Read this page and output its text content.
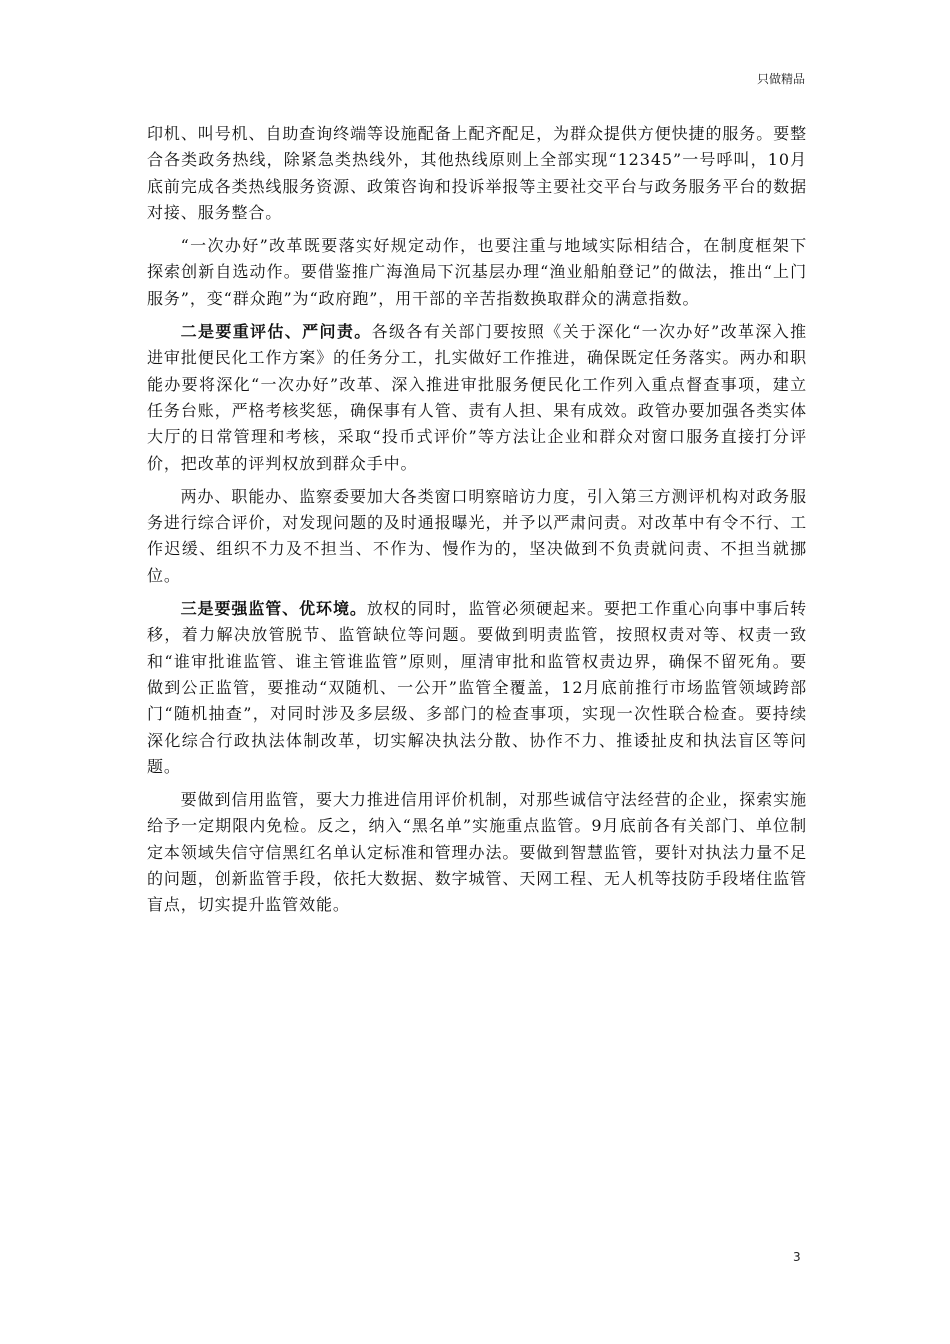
只做精品

印机、叫号机、自助查询终端等设施配备上配齐配足，为群众提供方便快捷的服务。要整合各类政务热线，除紧急类热线外，其他热线原则上全部实现“12345”一号呼叫，10月底前完成各类热线服务资源、政策咨询和投诉举报等主要社交平台与政务服务平台的数据对接、服务整合。

“一次办好”改革既要落实好规定动作，也要注重与地域实际相结合，在制度框架下探索创新自选动作。要借鉴推广海渔局下沉基层办理“渔业船舶登记”的做法，推出“上门服务”，变“群众跑”为“政府跑”，用干部的辛苦指数换取群众的满意指数。

二是要重评估、严问责。各级各有关部门要按照《关于深化“一次办好”改革深入推进审批便民化工作方案》的任务分工，扎实做好工作推进，确保既定任务落实。两办和职能办要将深化“一次办好”改革、深入推进审批服务便民化工作列入重点督查事项，建立任务台账，严格考核奖惩，确保事有人管、责有人担、果有成效。政管办要加强各类实体大厅的日常管理和考核，采取“投币式评价”等方法让企业和群众对窗口服务直接打分评价，把改革的评判权放到群众手中。

两办、职能办、监察委要加大各类窗口明察暗访力度，引入第三方测评机构对政务服务进行综合评价，对发现问题的及时通报曝光，并予以严肃问责。对改革中有令不行、工作迟缓、组织不力及不担当、不作为、慢作为的，坚决做到不负责就问责、不担当就挪位。

三是要强监管、优环境。放权的同时，监管必须硬起来。要把工作重心向事中事后转移，着力解决放管脱节、监管缺位等问题。要做到明责监管，按照权责对等、权责一致和“谁审批谁监管、谁主管谁监管”原则，厘清审批和监管权责边界，确保不留死角。要做到公正监管，要推动“双随机、一公开”监管全覆盖，12月底前推行市场监管领域跨部门“随机抽查”，对同时涉及多层级、多部门的检查事项，实现一次性联合检查。要持续深化综合行政执法体制改革，切实解决执法分散、协作不力、推诿扯皮和执法盲区等问题。

要做到信用监管，要大力推进信用评价机制，对那些诚信守法经营的企业，探索实施给予一定期限内免检。反之，纳入“黑名单”实施重点监管。9月底前各有关部门、单位制定本领域失信守信黑红名单认定标准和管理办法。要做到智慧监管，要针对执法力量不足的问题，创新监管手段，依托大数据、数字城管、天网工程、无人机等技防手段堵住监管盲点，切实提升监管效能。

3
